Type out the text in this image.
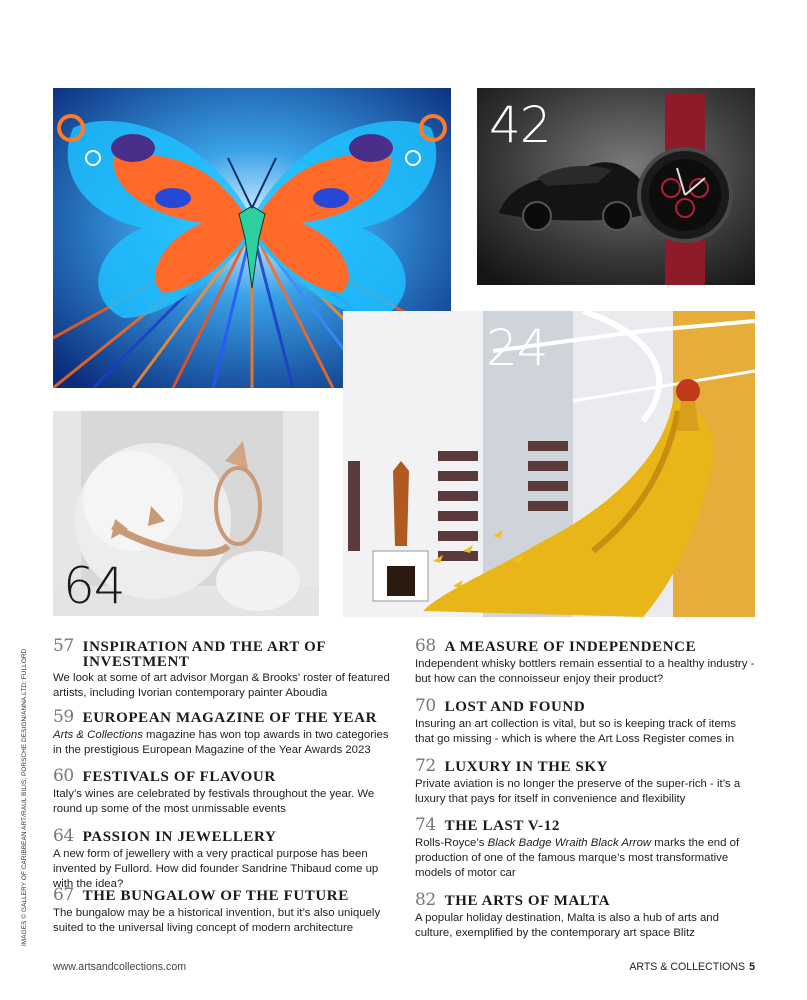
42
24
64
IMAGES © GALLERY OF CARIBBEAN ART/RAUL BILIS; PORSCHE DESIGN/ANNA.LTD; FULLORD
57 INSPIRATION AND THE ART OF INVESTMENT
We look at some of art advisor Morgan & Brooks’ roster of featured artists, including Ivorian contemporary painter Aboudia
59 EUROPEAN MAGAZINE OF THE YEAR
Arts & Collections magazine has won top awards in two categories in the prestigious European Magazine of the Year Awards 2023
60 FESTIVALS OF FLAVOUR
Italy’s wines are celebrated by festivals throughout the year. We round up some of the most unmissable events
64 PASSION IN JEWELLERY
A new form of jewellery with a very practical purpose has been invented by Fullord. How did founder Sandrine Thibaud come up with the idea?
67 THE BUNGALOW OF THE FUTURE
The bungalow may be a historical invention, but it’s also uniquely suited to the universal living concept of modern architecture
68 A MEASURE OF INDEPENDENCE
Independent whisky bottlers remain essential to a healthy industry - but how can the connoisseur enjoy their product?
70 LOST AND FOUND
Insuring an art collection is vital, but so is keeping track of items that go missing - which is where the Art Loss Register comes in
72 LUXURY IN THE SKY
Private aviation is no longer the preserve of the super-rich - it’s a luxury that pays for itself in convenience and flexibility
74 THE LAST V-12
Rolls-Royce’s Black Badge Wraith Black Arrow marks the end of production of one of the famous marque’s most transformative models of motor car
82 THE ARTS OF MALTA
A popular holiday destination, Malta is also a hub of arts and culture, exemplified by the contemporary art space Blitz
www.artsandcollections.com	ARTS & COLLECTIONS 5
